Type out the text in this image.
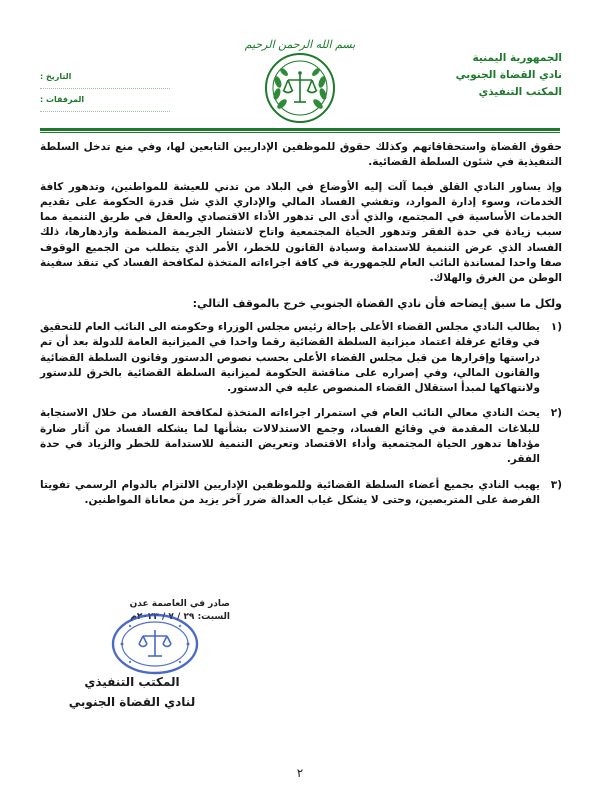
بسم الله الرحمن الرحيم
الجمهورية اليمنية
نادي القضاة الجنوبي
المكتب التنفيذي
التاريخ :
المرفقات :

حقوق القضاة واستحقاقاتهم وكذلك حقوق للموظفين الإداريين التابعين لها، وفي منع تدخل السلطة التنفيذية في شئون السلطة القضائية.

وإذ يساور النادي القلق فيما آلت إليه الأوضاع في البلاد من تدني للعيشة للمواطنين، وتدهور كافة الخدمات، وسوء إدارة الموارد، وتفشي الفساد المالي والإداري الذي شل قدرة الحكومة على تقديم الخدمات الأساسية في المجتمع، والذي أدى الى تدهور الأداء الاقتصادي والعقل في طريق التنمية مما سبب زيادة في حدة الفقر وتدهور الحياة المجتمعية واتاح لانتشار الجريمة المنظمة وازدهارها، ذلك الفساد الذي عرض التنمية للاستدامة وسيادة القانون للخطر، الأمر الذي يتطلب من الجميع الوقوف صفا واحدا لمساندة النائب العام للجمهورية في كافة اجراءاته المتخذة لمكافحة الفساد كي تنقذ سفينة الوطن من الغرق والهلاك.

ولكل ما سبق إيضاحه فأن نادي القضاة الجنوبي خرج بالموقف التالي:

(١
يطالب النادي مجلس القضاء الأعلى بإحالة رئيس مجلس الوزراء وحكومته الى النائب العام للتحقيق في وقائع عرقلة اعتماد ميزانية السلطة القضائية رقما واحدا في الميزانية العامة للدولة بعد أن تم دراستها وإقرارها من قبل مجلس القضاء الأعلى بحسب نصوص الدستور وقانون السلطة القضائية والقانون المالي، وفي إصراره على مناقشة الحكومة لميزانية السلطة القضائية بالخرق للدستور ولانتهاكها لمبدأ استقلال القضاء المنصوص عليه في الدستور.
(٢
يحث النادي معالي النائب العام في استمرار اجراءاته المتخذة لمكافحة الفساد من خلال الاستجابة للبلاغات المقدمة في وقائع الفساد، وجمع الاستدلالات بشأنها لما يشكله الفساد من آثار ضارة مؤداها تدهور الحياة المجتمعية وأداء الاقتصاد وتعريض التنمية للاستدامة للخطر والزياد في حدة الفقر.
(٣
يهيب النادي بجميع أعضاء السلطة القضائية وللموظفين الإداريين الالتزام بالدوام الرسمي تفويتا الفرصة على المتربصين، وحتى لا يشكل غياب العدالة ضرر آخر يزيد من معاناة المواطنين.
صادر في العاصمة عدن
السبت: ٢٩ / ٧ / ٢٠٢٣م
المكتب التنفيذي
لنادي القضاة الجنوبي
٢
